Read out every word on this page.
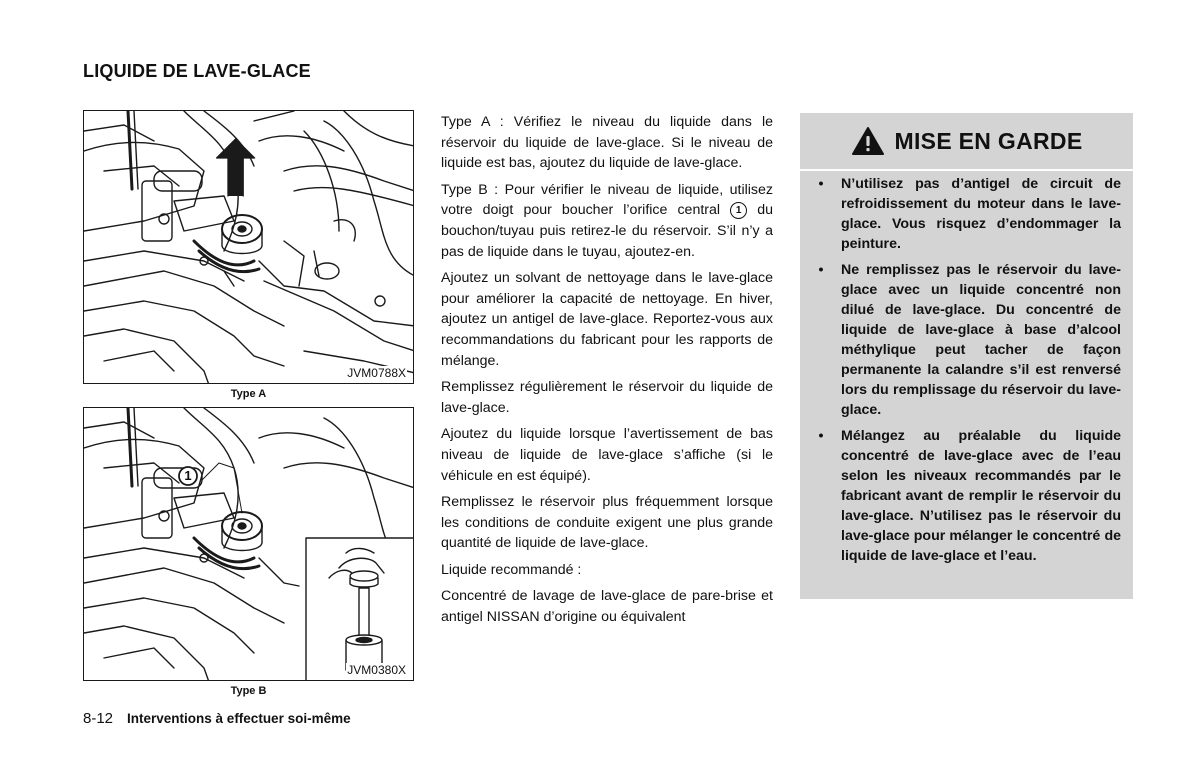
LIQUIDE DE LAVE-GLACE
JVM0788X

Type A

1
JVM0380X

Type B

Type A : Vérifiez le niveau du liquide dans le réservoir du liquide de lave-glace. Si le niveau de liquide est bas, ajoutez du liquide de lave-glace.

Type B : Pour vérifier le niveau de liquide, utilisez votre doigt pour boucher l’orifice central 1 du bouchon/tuyau puis retirez-le du réservoir. S’il n’y a pas de liquide dans le tuyau, ajoutez-en.

Ajoutez un solvant de nettoyage dans le lave-glace pour améliorer la capacité de nettoyage. En hiver, ajoutez un antigel de lave-glace. Reportez-vous aux recommandations du fabricant pour les rapports de mélange.

Remplissez régulièrement le réservoir du liquide de lave-glace.

Ajoutez du liquide lorsque l’avertissement de bas niveau de liquide de lave-glace s’affiche (si le véhicule en est équipé).

Remplissez le réservoir plus fréquemment lorsque les conditions de conduite exigent une plus grande quantité de liquide de lave-glace.

Liquide recommandé :

Concentré de lavage de lave-glace de pare-brise et antigel NISSAN d’origine ou équivalent

MISE EN GARDE
•	N’utilisez pas d’antigel de circuit de refroidissement du moteur dans le lave-glace. Vous risquez d’endommager la peinture.
•	Ne remplissez pas le réservoir du lave-glace avec un liquide concentré non dilué de lave-glace. Du concentré de liquide de lave-glace à base d’alcool méthylique peut tacher de façon permanente la calandre s’il est renversé lors du remplissage du réservoir du lave-glace.
•	Mélangez au préalable du liquide concentré de lave-glace avec de l’eau selon les niveaux recommandés par le fabricant avant de remplir le réservoir du lave-glace. N’utilisez pas le réservoir du lave-glace pour mélanger le concentré de liquide de lave-glace et l’eau.
8-12 Interventions à effectuer soi-même
